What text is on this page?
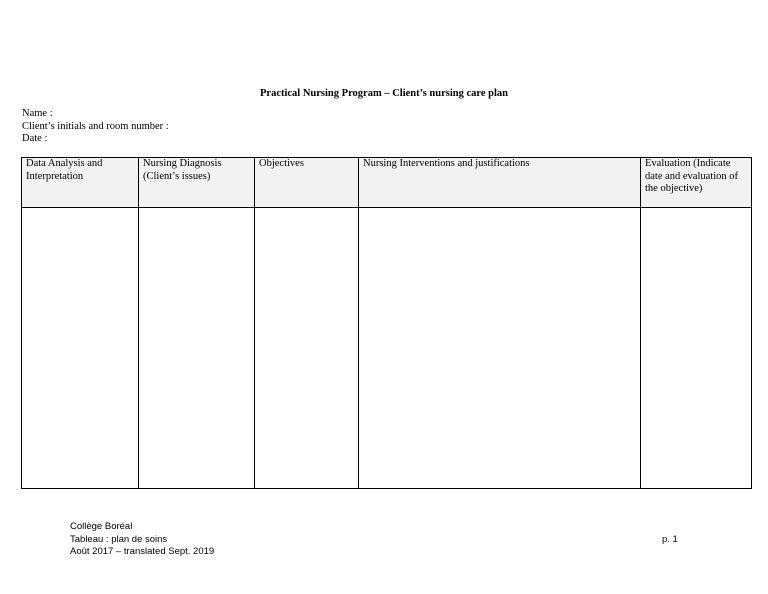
Practical Nursing Program – Client’s nursing care plan
Name :
Client’s initials and room number :
Date :
Data Analysis and Interpretation	Nursing Diagnosis (Client’s issues)	Objectives	Nursing Interventions and justifications	Evaluation (Indicate date and evaluation of the objective)

Collège Boréal
Tableau : plan de soins
Août 2017 – translated Sept. 2019
p. 1
